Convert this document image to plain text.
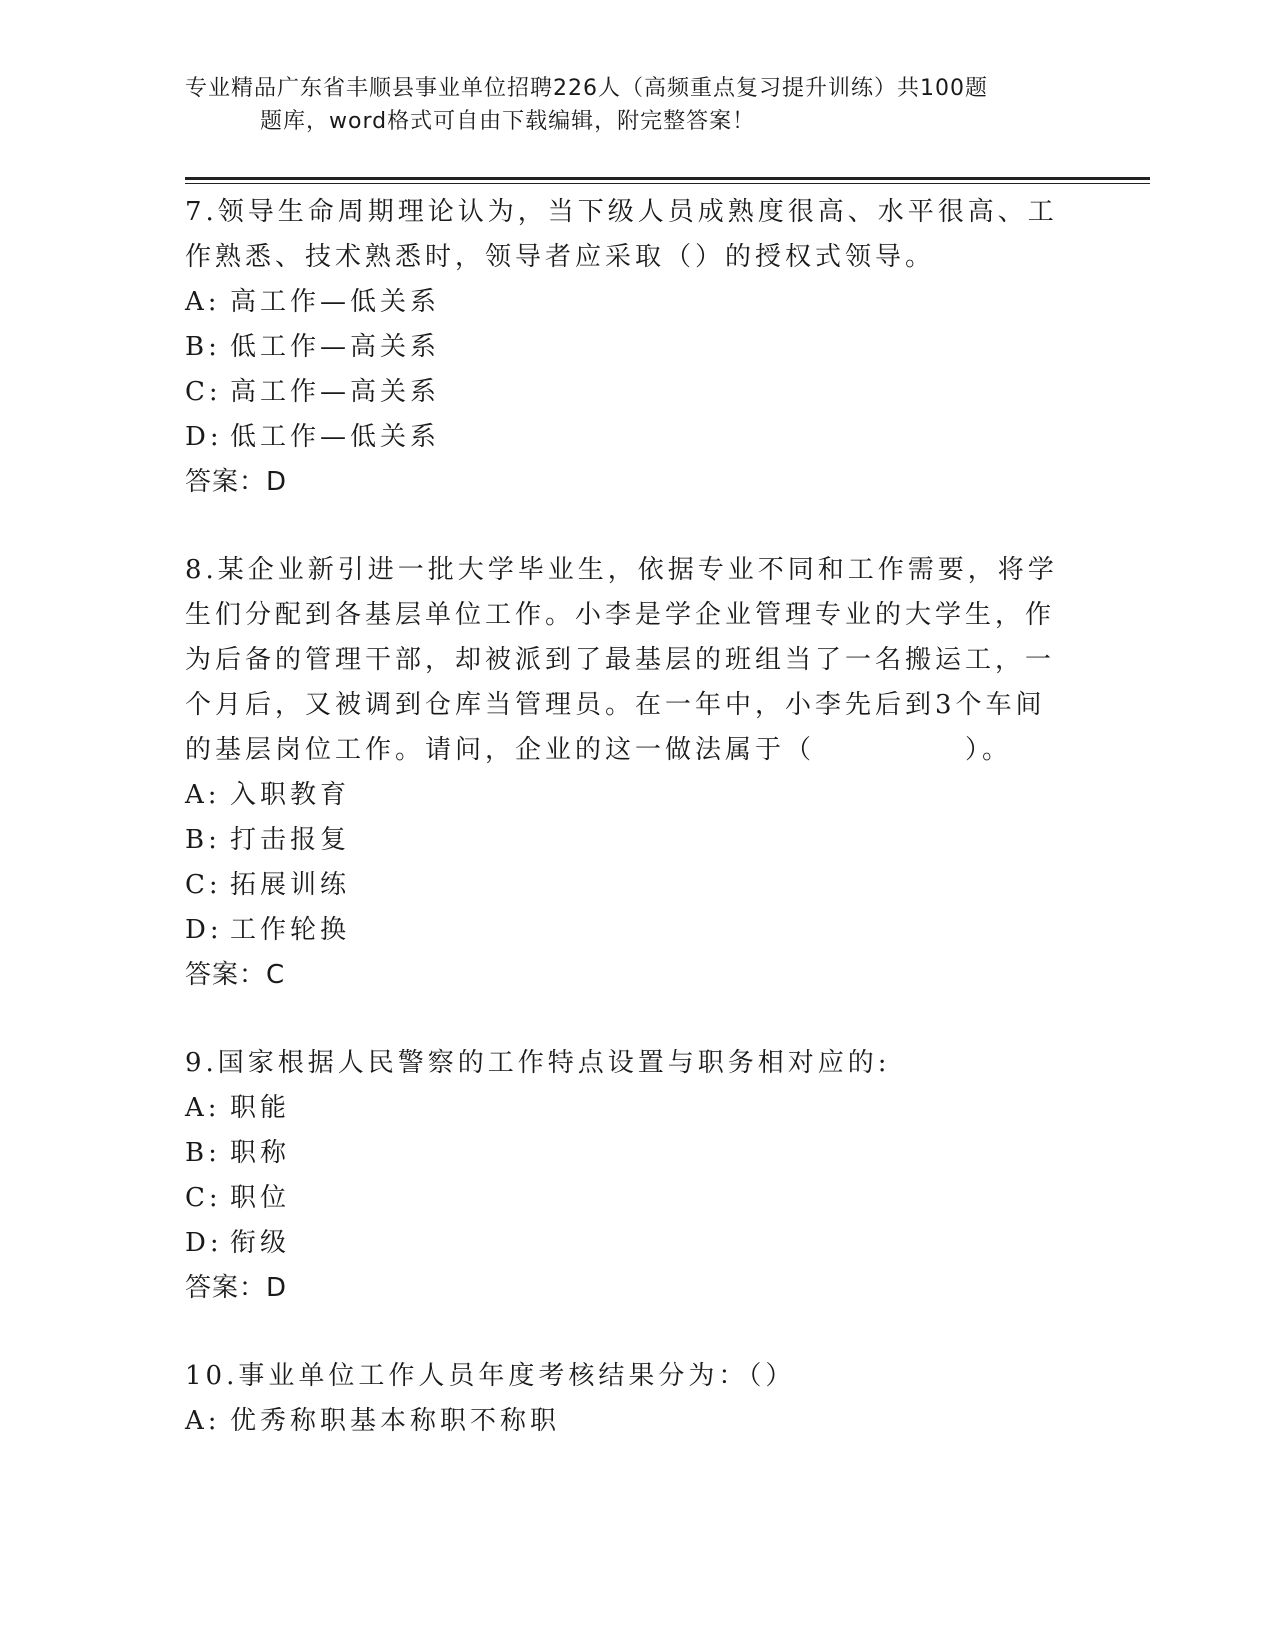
专业精品广东省丰顺县事业单位招聘226人（高频重点复习提升训练）共100题
题库，word格式可自由下载编辑，附完整答案！
7.领导生命周期理论认为，当下级人员成熟度很高、水平很高、工作熟悉、技术熟悉时，领导者应采取（）的授权式领导。
A: 高工作—低关系
B: 低工作—高关系
C: 高工作—高关系
D: 低工作—低关系
答案：D
8.某企业新引进一批大学毕业生，依据专业不同和工作需要，将学生们分配到各基层单位工作。小李是学企业管理专业的大学生，作为后备的管理干部，却被派到了最基层的班组当了一名搬运工，一个月后，又被调到仓库当管理员。在一年中，小李先后到3个车间的基层岗位工作。请问，企业的这一做法属于（　　　　　）。
A: 入职教育
B: 打击报复
C: 拓展训练
D: 工作轮换
答案：C
9.国家根据人民警察的工作特点设置与职务相对应的:
A: 职能
B: 职称
C: 职位
D: 衔级
答案：D
10.事业单位工作人员年度考核结果分为：（）
A: 优秀称职基本称职不称职
